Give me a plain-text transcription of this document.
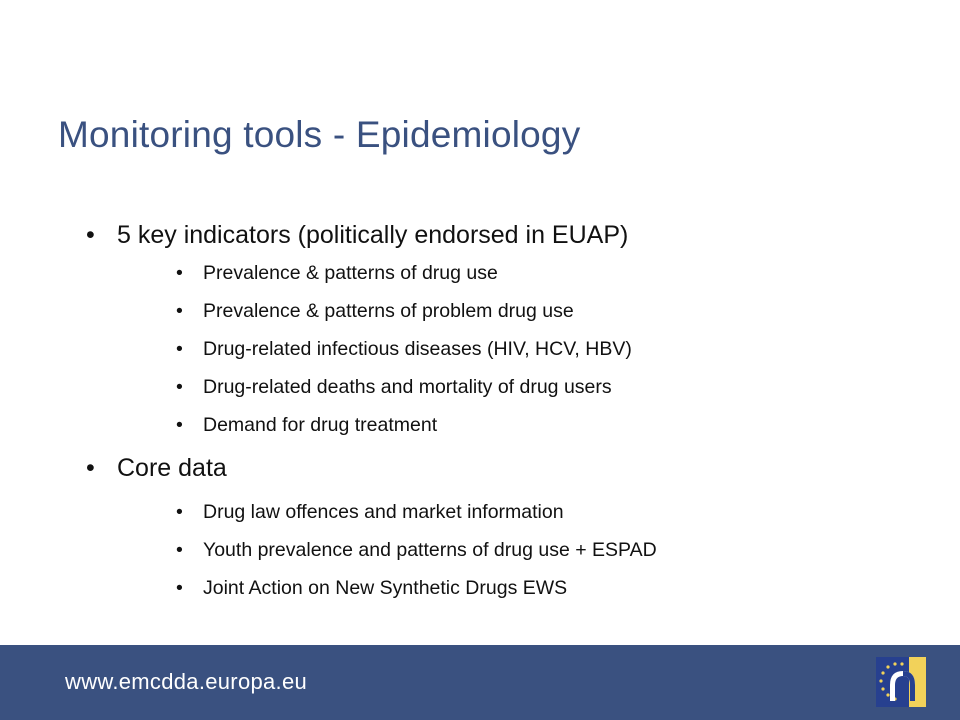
Monitoring tools - Epidemiology
• 5 key indicators (politically endorsed in EUAP)
• Prevalence & patterns of drug use
• Prevalence & patterns of problem drug use
• Drug-related infectious diseases (HIV, HCV, HBV)
• Drug-related deaths and mortality of drug users
• Demand for drug treatment
• Core data
• Drug law offences and market information
• Youth prevalence and patterns of drug use + ESPAD
• Joint Action on New Synthetic Drugs EWS
www.emcdda.europa.eu
